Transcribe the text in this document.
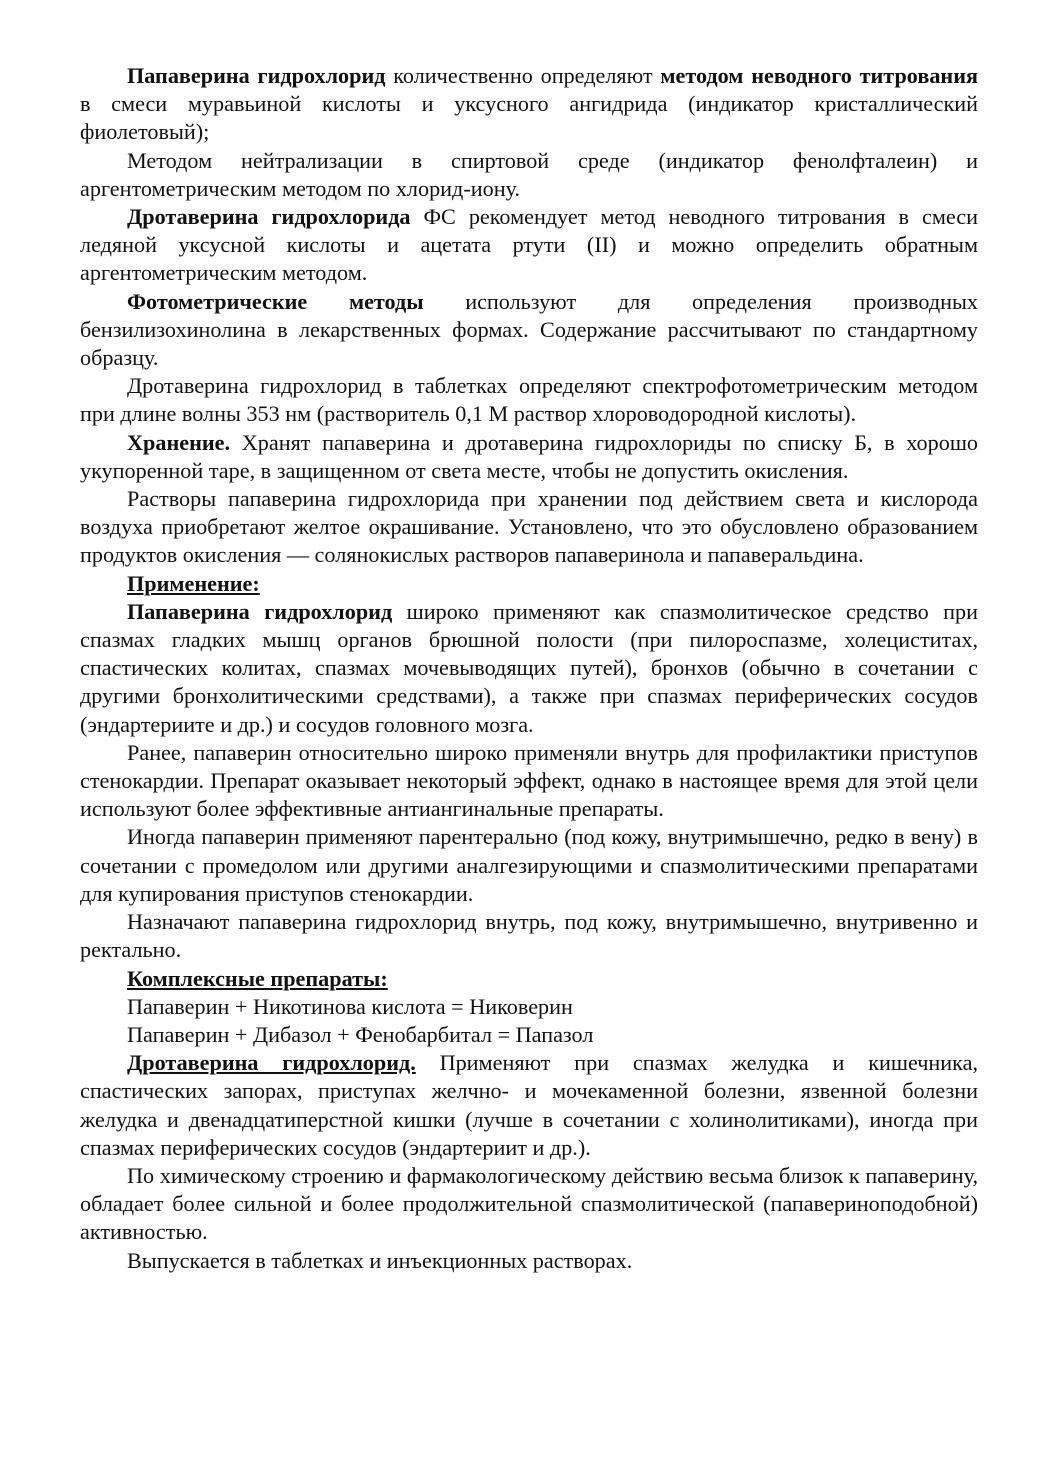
Папаверина гидрохлорид количественно определяют методом неводного титрования в смеси муравьиной кислоты и уксусного ангидрида (индикатор кристаллический фиолетовый);

Методом нейтрализации в спиртовой среде (индикатор фенолфталеин) и аргентометрическим методом по хлорид-иону.

Дротаверина гидрохлорида ФС рекомендует метод неводного титрования в смеси ледяной уксусной кислоты и ацетата ртути (II) и можно определить обратным аргентометрическим методом.

Фотометрические методы используют для определения производных бензилизохинолина в лекарственных формах. Содержание рассчитывают по стандартному образцу.

Дротаверина гидрохлорид в таблетках определяют спектрофотометрическим методом при длине волны 353 нм (растворитель 0,1 М раствор хлороводородной кислоты).

Хранение. Хранят папаверина и дротаверина гидрохлориды по списку Б, в хорошо укупоренной таре, в защищенном от света месте, чтобы не допустить окисления.

Растворы папаверина гидрохлорида при хранении под действием света и кислорода воздуха приобретают желтое окрашивание. Установлено, что это обусловлено образованием продуктов окисления — солянокислых растворов папаверинола и папаверальдина.

Применение:

Папаверина гидрохлорид широко применяют как спазмолитическое средство при спазмах гладких мышц органов брюшной полости (при пилороспазме, холециститах, спастических колитах, спазмах мочевыводящих путей), бронхов (обычно в сочетании с другими бронхолитическими средствами), а также при спазмах периферических сосудов (эндартериите и др.) и сосудов головного мозга.

Ранее, папаверин относительно широко применяли внутрь для профилактики приступов стенокардии. Препарат оказывает некоторый эффект, однако в настоящее время для этой цели используют более эффективные антиангинальные препараты.

Иногда папаверин применяют парентерально (под кожу, внутримышечно, редко в вену) в сочетании с промедолом или другими аналгезирующими и спазмолитическими препаратами для купирования приступов стенокардии.

Назначают папаверина гидрохлорид внутрь, под кожу, внутримышечно, внутривенно и ректально.

Комплексные препараты:

Папаверин + Никотинова кислота = Никоверин

Папаверин + Дибазол + Фенобарбитал = Папазол

Дротаверина гидрохлорид. Применяют при спазмах желудка и кишечника, спастических запорах, приступах желчно- и мочекаменной болезни, язвенной болезни желудка и двенадцатиперстной кишки (лучше в сочетании с холинолитиками), иногда при спазмах периферических сосудов (эндартериит и др.).

По химическому строению и фармакологическому действию весьма близок к папаверину, обладает более сильной и более продолжительной спазмолитической (папавериноподобной) активностью.

Выпускается в таблетках и инъекционных растворах.
